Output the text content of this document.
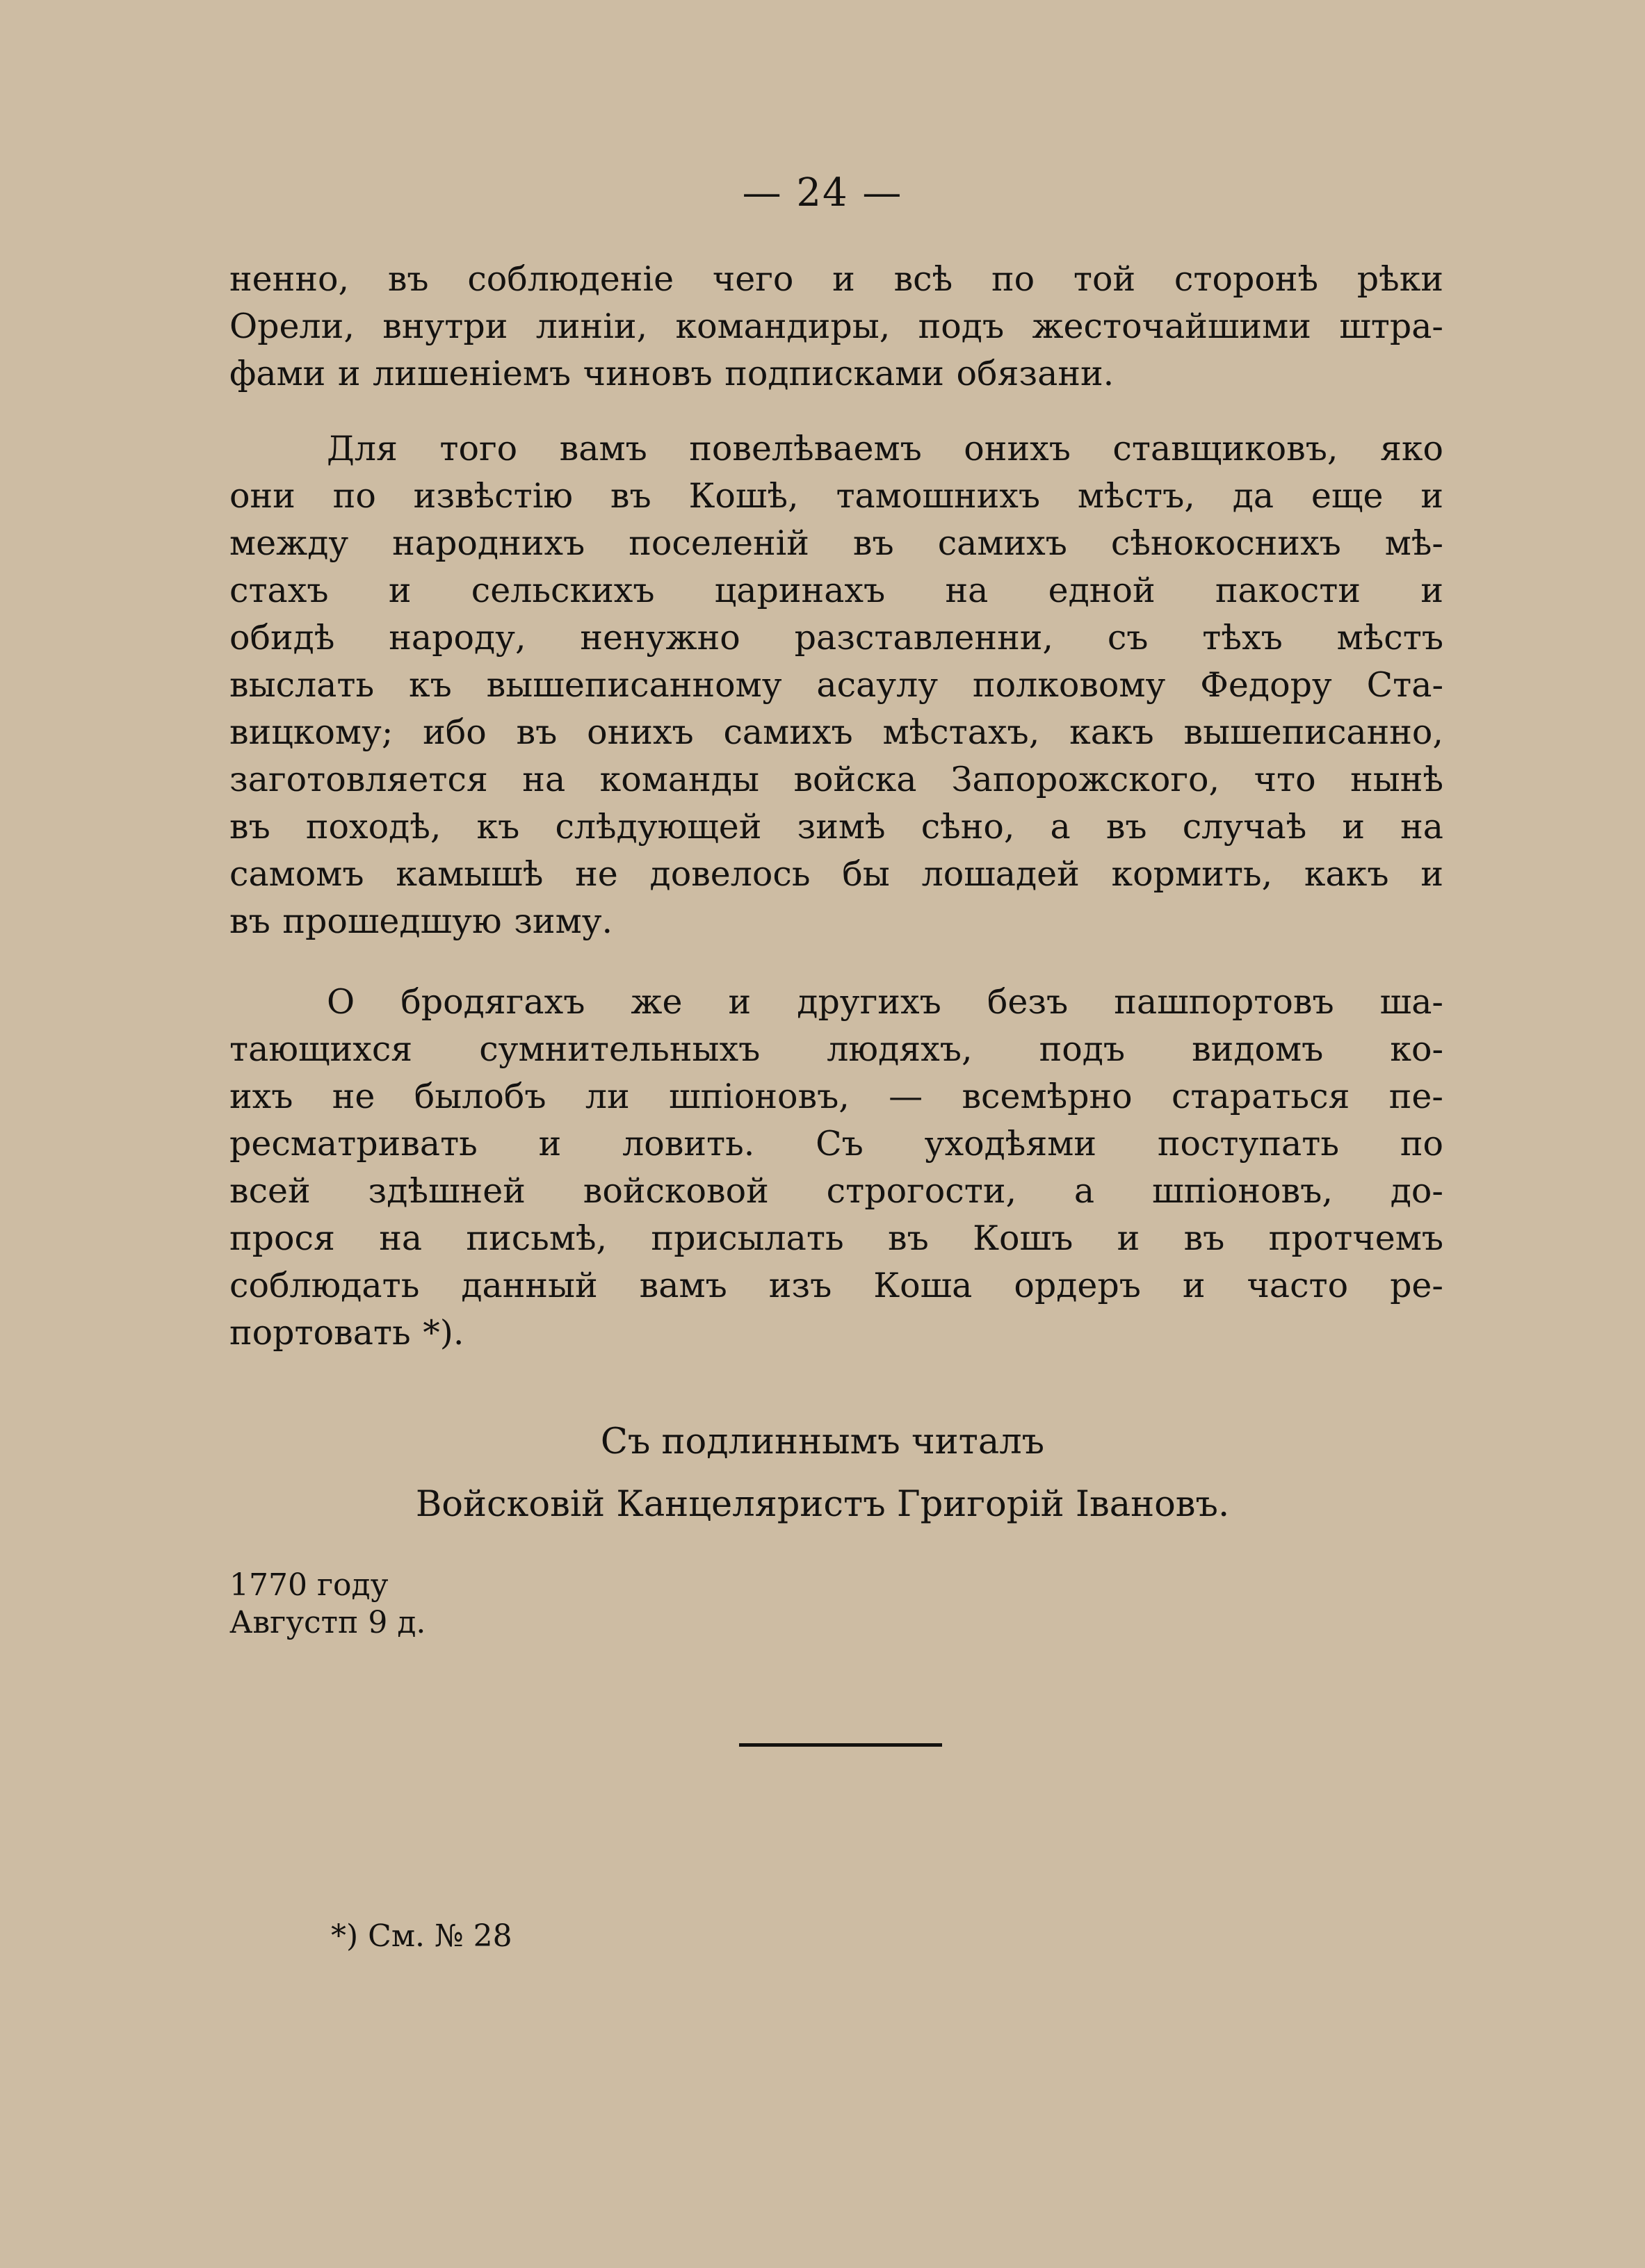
— 24 —
ненно, въ соблюденіе чего и всѣ по той сторонѣ рѣки
Орели, внутри линіи, командиры, подъ жесточайшими штра-
фами и лишеніемъ чиновъ подписками обязани.
Для того вамъ повелѣваемъ онихъ ставщиковъ, яко
они по извѣстію въ Кошѣ, тамошнихъ мѣстъ, да еще и
между народнихъ поселеній въ самихъ сѣнокоснихъ мѣ-
стахъ и сельскихъ царинахъ на едной пакости и
обидѣ народу, ненужно разставленни, съ тѣхъ мѣстъ
выслать къ вышеписанному асаулу полковому Федору Ста-
вицкому; ибо въ онихъ самихъ мѣстахъ, какъ вышеписанно,
заготовляется на команды войска Запорожского, что нынѣ
въ походѣ, къ слѣдующей зимѣ сѣно, а въ случаѣ и на
самомъ камышѣ не довелось бы лошадей кормить, какъ и
въ прошедшую зиму.
О бродягахъ же и другихъ безъ пашпортовъ ша-
тающихся сумнительныхъ людяхъ, подъ видомъ ко-
ихъ не былобъ ли шпіоновъ, — всемѣрно стараться пе-
ресматривать и ловить. Съ уходѣями поступать по
всей здѣшней войсковой строгости, а шпіоновъ, до-
прося на письмѣ, присылать въ Кошъ и въ протчемъ
соблюдать данный вамъ изъ Коша ордеръ и часто ре-
портовать *).
Съ подлиннымъ читалъ
Войсковій Канцеляристъ Григорій Івановъ.
1770 году
Августп 9 д.
*) См. № 28
